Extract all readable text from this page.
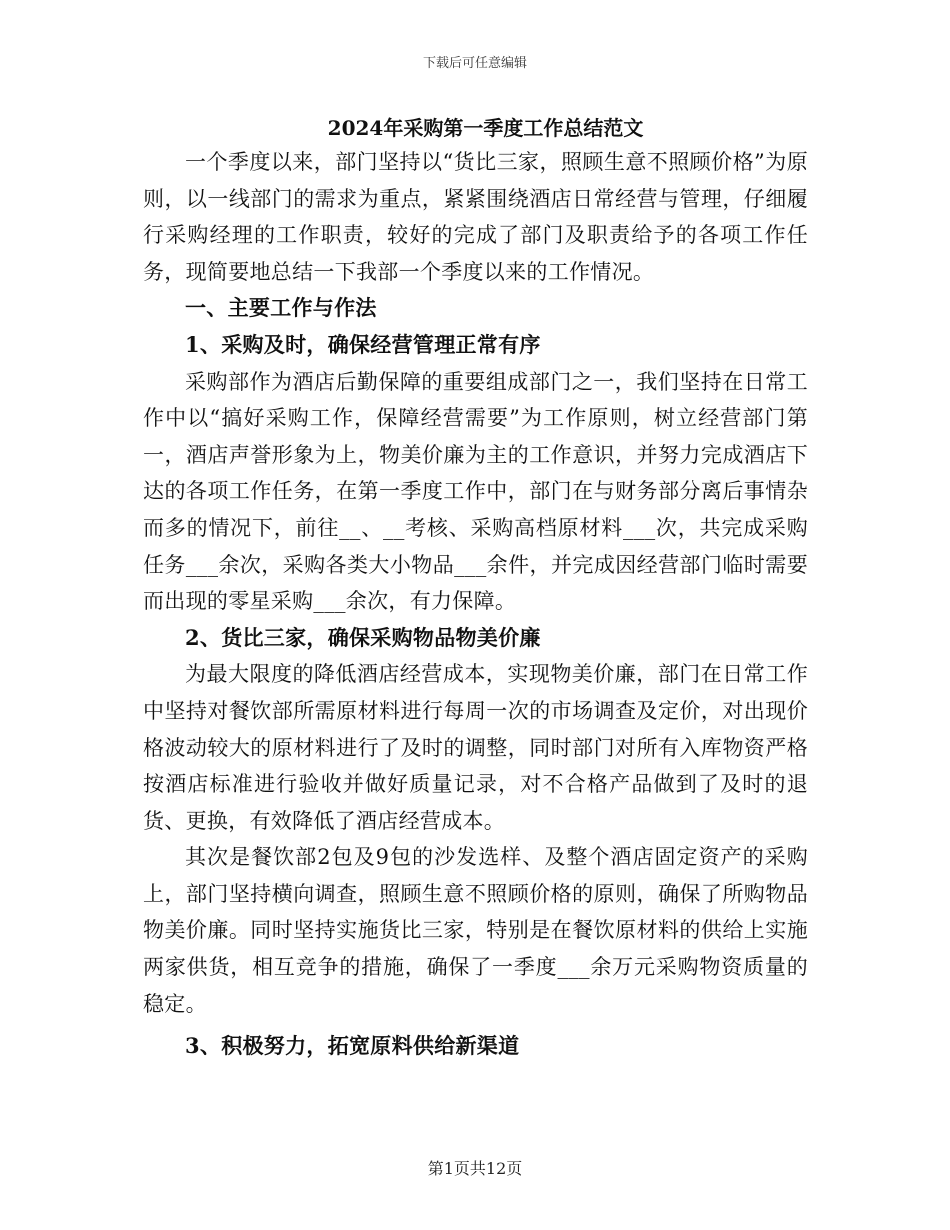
下载后可任意编辑
2024年采购第一季度工作总结范文

一个季度以来，部门坚持以“货比三家，照顾生意不照顾价格”为原则，以一线部门的需求为重点，紧紧围绕酒店日常经营与管理，仔细履行采购经理的工作职责，较好的完成了部门及职责给予的各项工作任务，现简要地总结一下我部一个季度以来的工作情况。

一、主要工作与作法

1、采购及时，确保经营管理正常有序

采购部作为酒店后勤保障的重要组成部门之一，我们坚持在日常工作中以“搞好采购工作，保障经营需要”为工作原则，树立经营部门第一，酒店声誉形象为上，物美价廉为主的工作意识，并努力完成酒店下达的各项工作任务，在第一季度工作中，部门在与财务部分离后事情杂而多的情况下，前往__、__考核、采购高档原材料___次，共完成采购任务___余次，采购各类大小物品___余件，并完成因经营部门临时需要而出现的零星采购___余次，有力保障。

2、货比三家，确保采购物品物美价廉

为最大限度的降低酒店经营成本，实现物美价廉，部门在日常工作中坚持对餐饮部所需原材料进行每周一次的市场调查及定价，对出现价格波动较大的原材料进行了及时的调整，同时部门对所有入库物资严格按酒店标准进行验收并做好质量记录，对不合格产品做到了及时的退货、更换，有效降低了酒店经营成本。

其次是餐饮部2包及9包的沙发选样、及整个酒店固定资产的采购上，部门坚持横向调查，照顾生意不照顾价格的原则，确保了所购物品物美价廉。同时坚持实施货比三家，特别是在餐饮原材料的供给上实施两家供货，相互竞争的措施，确保了一季度___余万元采购物资质量的稳定。

3、积极努力，拓宽原料供给新渠道

第1页共12页
